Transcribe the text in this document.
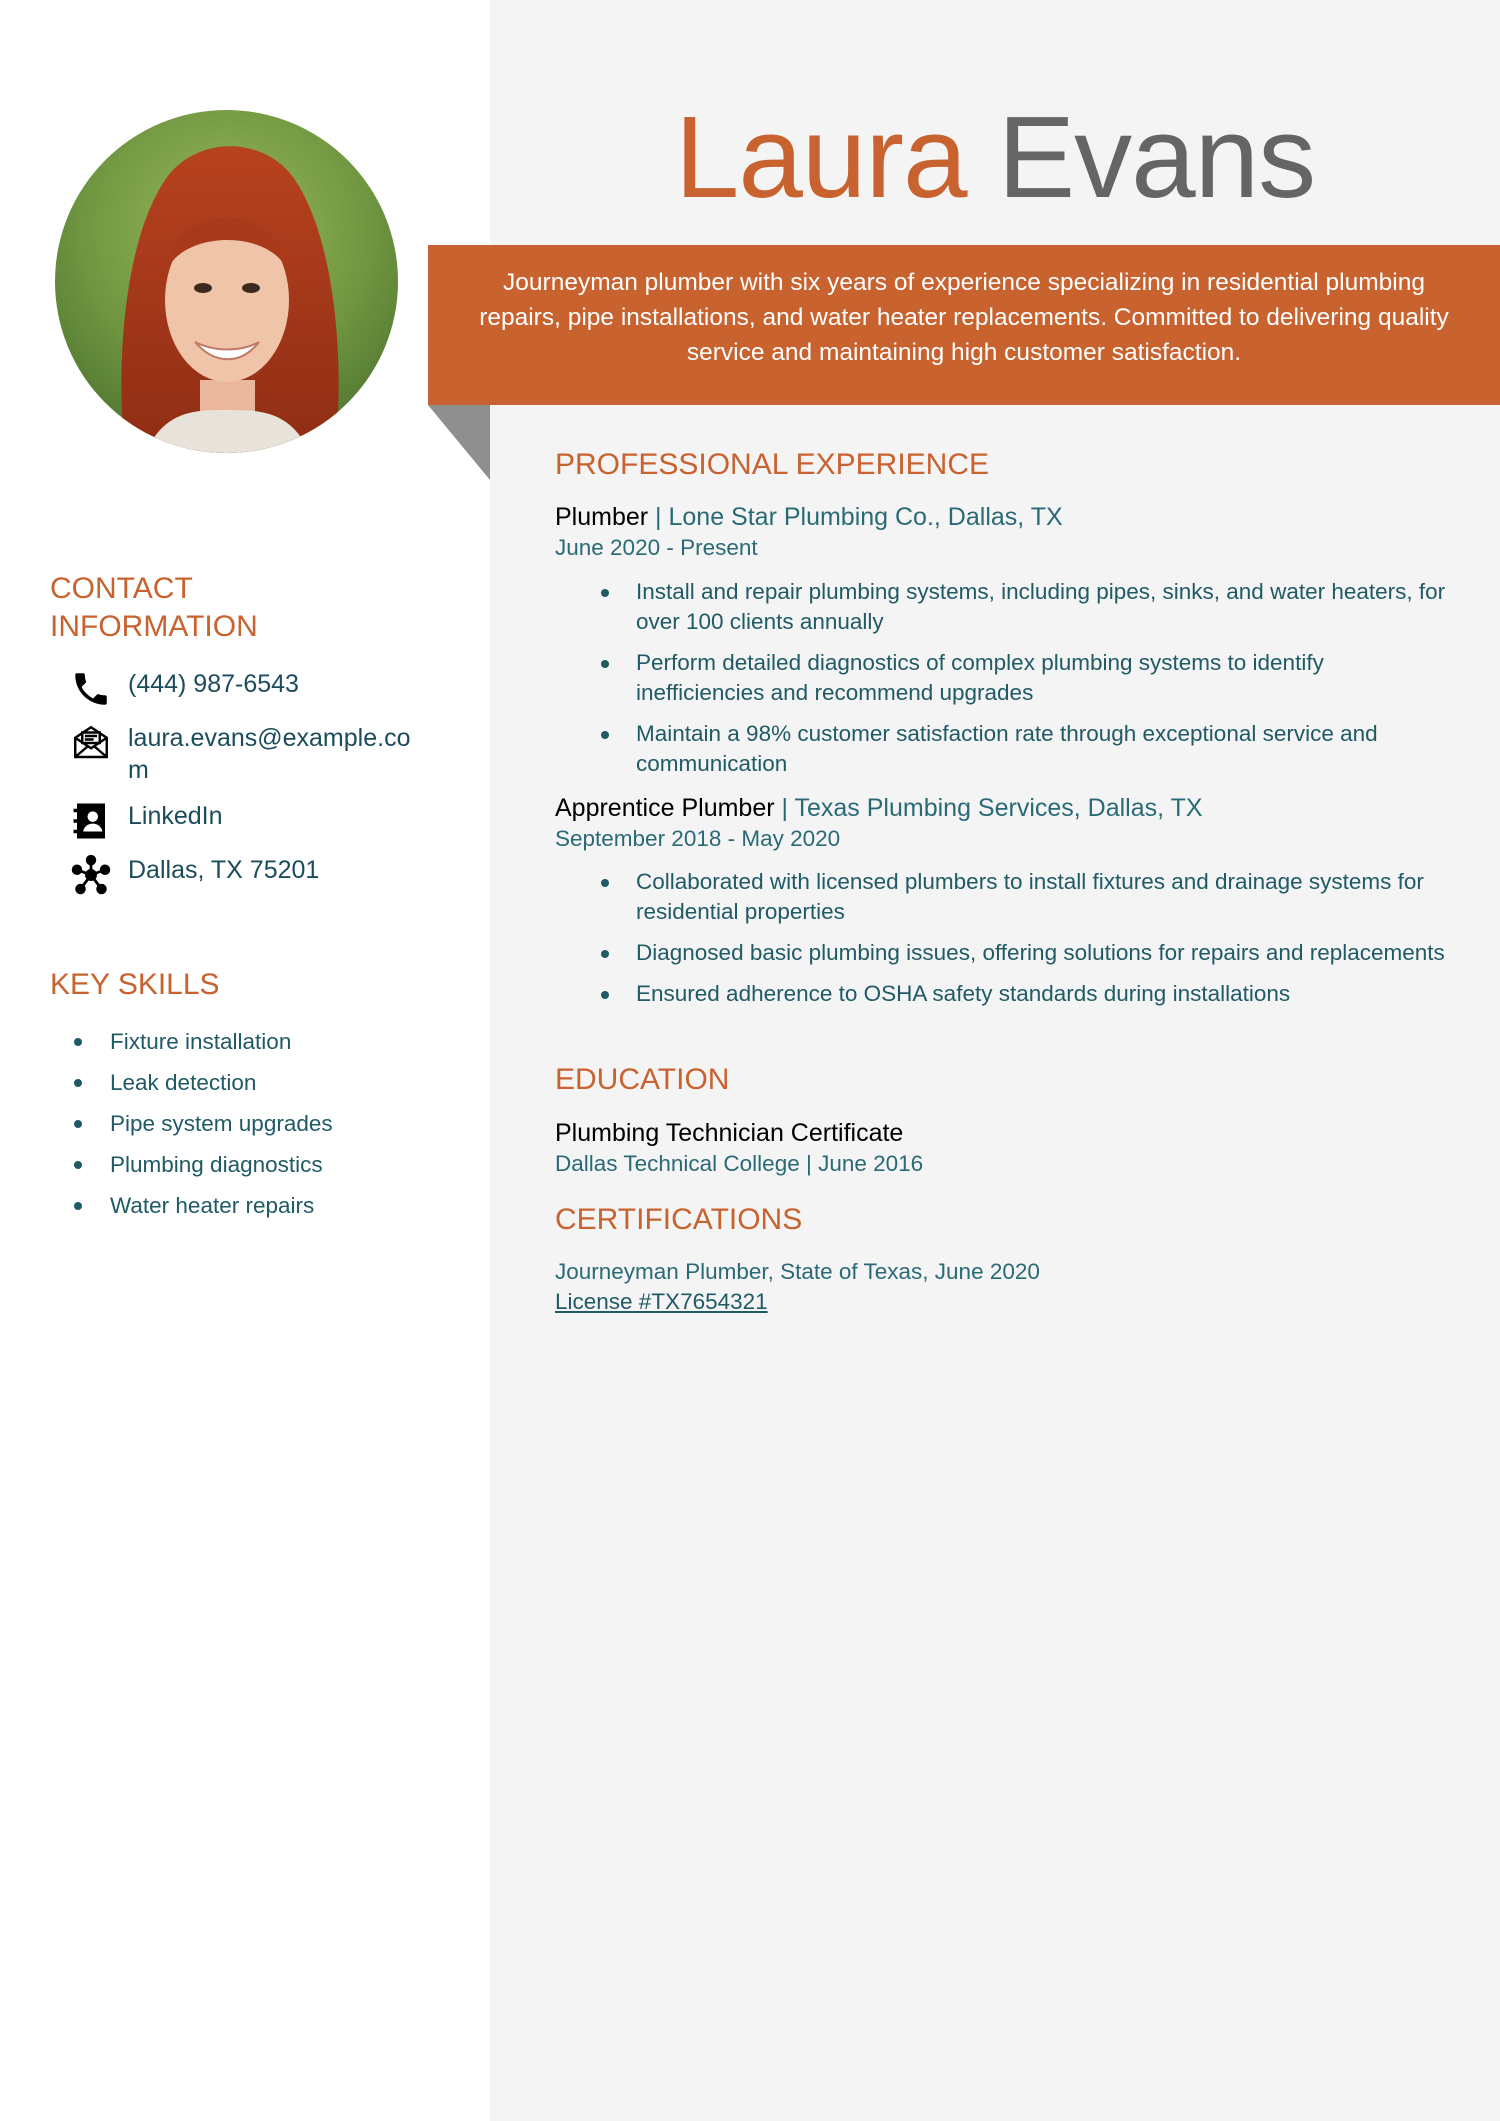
Laura Evans
Journeyman plumber with six years of experience specializing in residential plumbing repairs, pipe installations, and water heater replacements. Committed to delivering quality service and maintaining high customer satisfaction.
CONTACT INFORMATION
(444) 987-6543
laura.evans@example.com
LinkedIn
Dallas, TX 75201
KEY SKILLS
Fixture installation
Leak detection
Pipe system upgrades
Plumbing diagnostics
Water heater repairs
PROFESSIONAL EXPERIENCE
Plumber | Lone Star Plumbing Co., Dallas, TX
June 2020 - Present
Install and repair plumbing systems, including pipes, sinks, and water heaters, for over 100 clients annually
Perform detailed diagnostics of complex plumbing systems to identify inefficiencies and recommend upgrades
Maintain a 98% customer satisfaction rate through exceptional service and communication
Apprentice Plumber | Texas Plumbing Services, Dallas, TX
September 2018 - May 2020
Collaborated with licensed plumbers to install fixtures and drainage systems for residential properties
Diagnosed basic plumbing issues, offering solutions for repairs and replacements
Ensured adherence to OSHA safety standards during installations
EDUCATION
Plumbing Technician Certificate
Dallas Technical College | June 2016
CERTIFICATIONS
Journeyman Plumber, State of Texas, June 2020
License #TX7654321
